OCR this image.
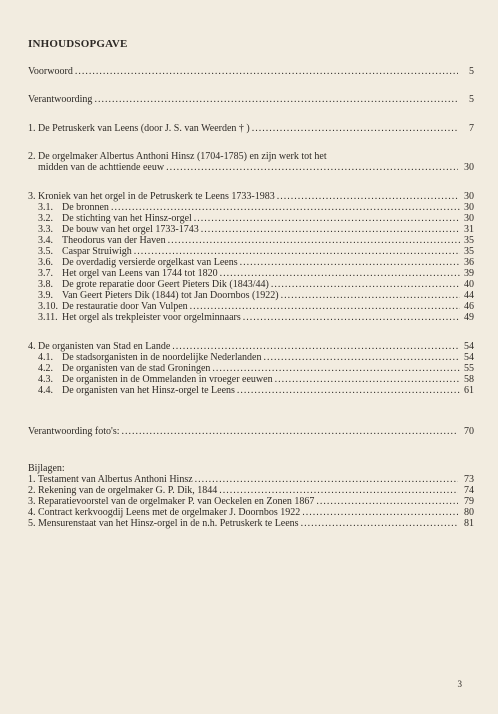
INHOUDSOPGAVE
Voorwoord .....	5
Verantwoording .....	5
1.
De Petruskerk van Leens (door J. S. van Weerden † ) .....	7
2. De orgelmaker Albertus Anthoni Hinsz (1704-1785) en zijn werk tot het
midden van de achttiende eeuw .....	30
3.
Kroniek van het orgel in de Petruskerk te Leens 1733-1983 .....	30
3.1. De bronnen .....	30
3.2. De stichting van het Hinsz-orgel .....	30
3.3. De bouw van het orgel 1733-1743 .....	31
3.4. Theodorus van der Haven .....	35
3.5. Caspar Struiwigh .....	35
3.6. De overdadig versierde orgelkast van Leens .....	36
3.7. Het orgel van Leens van 1744 tot 1820 .....	39
3.8. De grote reparatie door Geert Pieters Dik (1843/44) .....	40
3.9. Van Geert Pieters Dik (1844) tot Jan Doornbos (1922) .....	44
3.10. De restauratie door Van Vulpen .....	46
3.11. Het orgel als trekpleister voor orgelminnaars .....	49
4.
De organisten van Stad en Lande .....	54
4.1. De stadsorganisten in de noordelijke Nederlanden .....	54
4.2. De organisten van de stad Groningen .....	55
4.3. De organisten in de Ommelanden in vroeger eeuwen .....	58
4.4. De organisten van het Hinsz-orgel te Leens .....	61
Verantwoording foto's: .....	70
Bijlagen:
1. Testament van Albertus Anthoni Hinsz .....	73
2. Rekening van de orgelmaker G. P. Dik, 1844 .....	74
3. Reparatievoorstel van de orgelmaker P. van Oeckelen en Zonen 1867 .....	79
4. Contract kerkvoogdij Leens met de orgelmaker J. Doornbos 1922 .....	80
5. Mensurenstaat van het Hinsz-orgel in de n.h. Petruskerk te Leens .....	81
3
